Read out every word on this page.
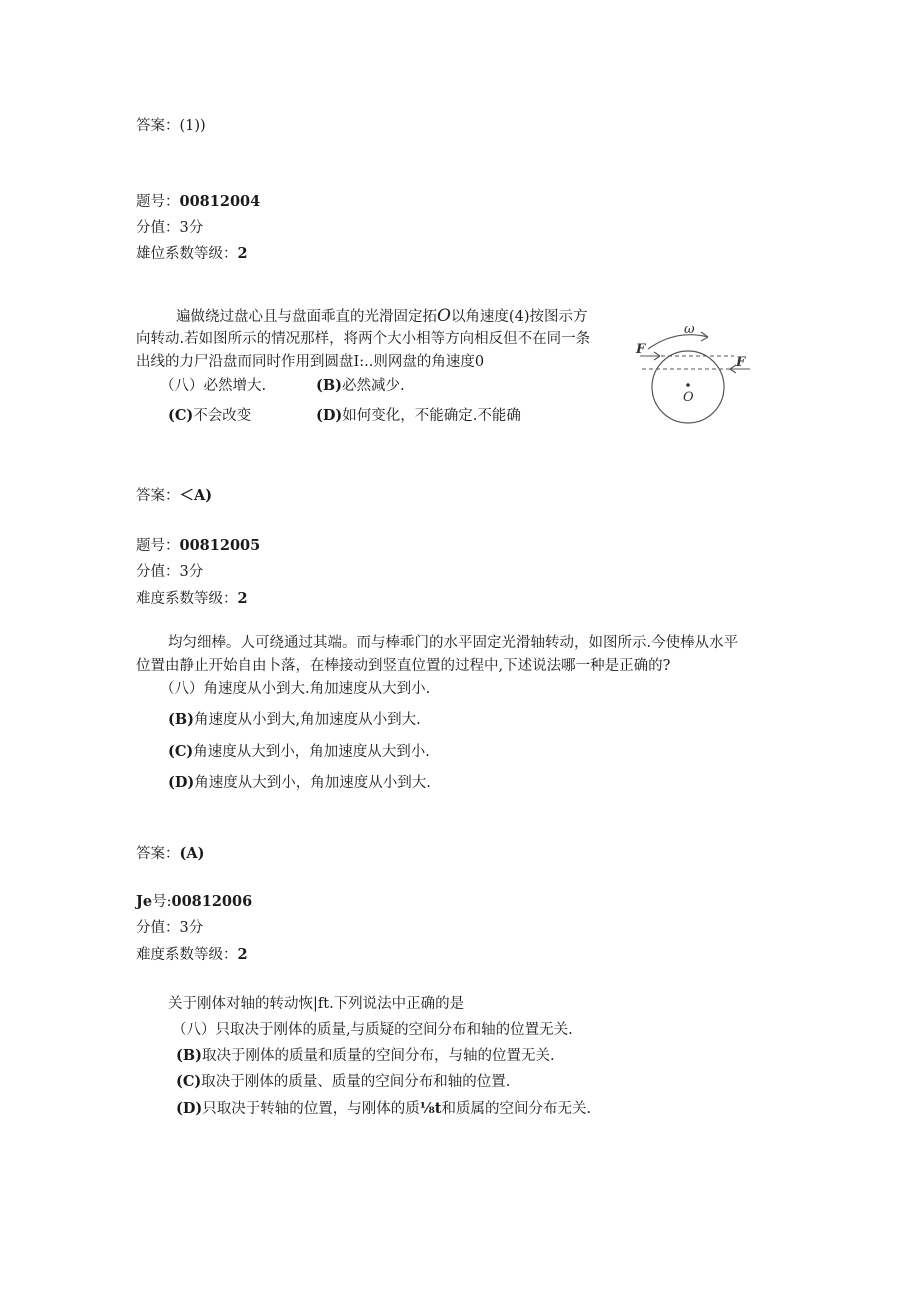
答案：(1))
题号：00812004
分值：3分
雄位系数等级：2
遍做绕过盘心且与盘面乖直的光滑固定拓O以角速度(4)按图示方
向转动.若如图所示的情况那样，将两个大小相等方向相反但不在同一条
出线的力尸沿盘而同时作用到圆盘I:..则网盘的角速度0
（八）必然增大.	(B)必然减少.
(C)不会改变	(D)如何变化，不能确定.不能确
ω
F
F
O
答案：＜A)
题号：00812005
分值：3分
难度系数等级：2
均匀细棒。人可绕通过其端。而与棒乖门的水平固定光滑轴转动，如图所示.今使棒从水平
位置由静止开始自由卜落，在棒接动到竖直位置的过程中,下述说法哪一种是正确的?
（八）角速度从小到大.角加速度从大到小.
(B)角速度从小到大,角加速度从小到大.
(C)角速度从大到小，角加速度从大到小.
(D)角速度从大到小，角加速度从小到大.
答案：(A)
Je号:00812006
分值：3分
难度系数等级：2
关于刚体对轴的转动恢|ft.下列说法中正确的是
（八）只取决于刚体的质量,与质疑的空间分布和轴的位置无关.
(B)取决于刚体的质量和质量的空间分布，与轴的位置无关.
(C)取决于刚体的质量、质量的空间分布和轴的位置.
(D)只取决于转轴的位置，与刚体的质⅛t和质属的空间分布无关.
